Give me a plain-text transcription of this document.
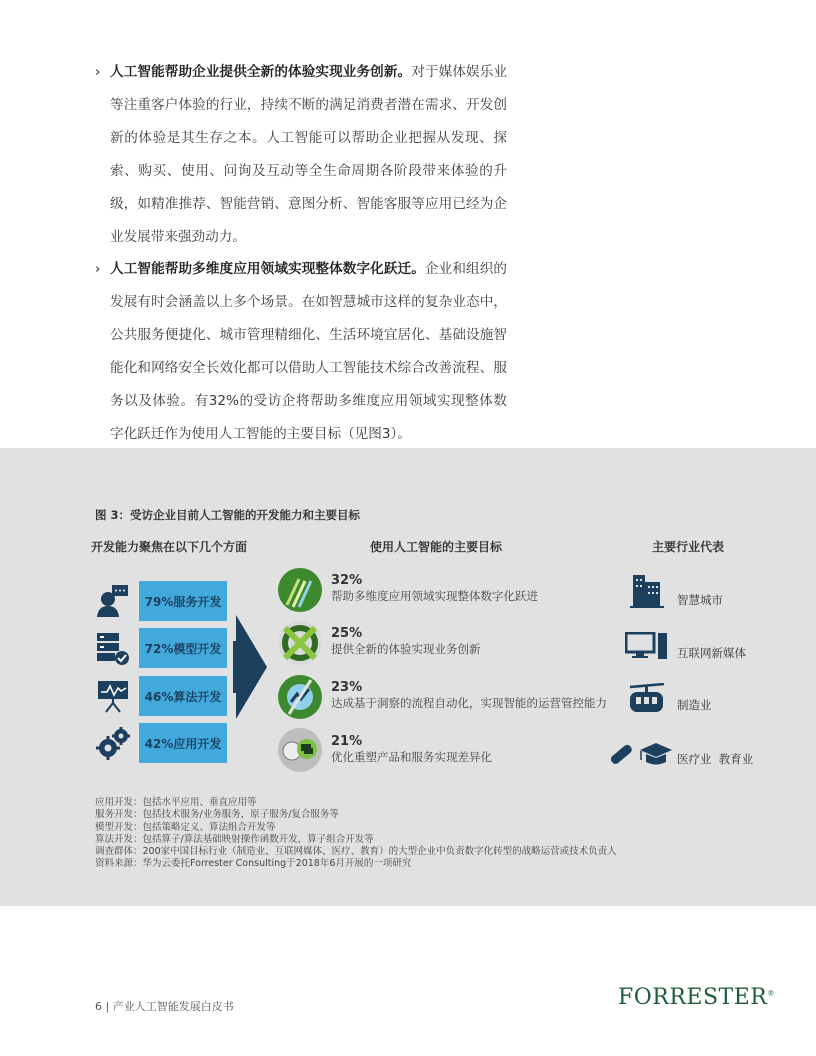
› 人工智能帮助企业提供全新的体验实现业务创新。对于媒体娱乐业等注重客户体验的行业，持续不断的满足消费者潜在需求、开发创新的体验是其生存之本。人工智能可以帮助企业把握从发现、探索、购买、使用、问询及互动等全生命周期各阶段带来体验的升级，如精准推荐、智能营销、意图分析、智能客服等应用已经为企业发展带来强劲动力。
› 人工智能帮助多维度应用领域实现整体数字化跃迁。企业和组织的发展有时会涵盖以上多个场景。在如智慧城市这样的复杂业态中，公共服务便捷化、城市管理精细化、生活环境宜居化、基础设施智能化和网络安全长效化都可以借助人工智能技术综合改善流程、服务以及体验。有32%的受访企将帮助多维度应用领域实现整体数字化跃迁作为使用人工智能的主要目标（见图3）。
图 3：受访企业目前人工智能的开发能力和主要目标
开发能力聚焦在以下几个方面	使用人工智能的主要目标	主要行业代表
79%服务开发
72%模型开发
46%算法开发
42%应用开发
32%
帮助多维度应用领域实现整体数字化跃进
25%
提供全新的体验实现业务创新
23%
达成基于洞察的流程自动化，实现智能的运营管控能力
21%
优化重塑产品和服务实现差异化
智慧城市
互联网新媒体
制造业
医疗业  教育业
应用开发：包括水平应用、垂直应用等
服务开发：包括技术服务/业务服务，原子服务/复合服务等
模型开发：包括策略定义、算法组合开发等
算法开发：包括算子/算法基础映射操作函数开发，算子组合开发等
调查群体：200家中国目标行业（制造业、互联网媒体、医疗、教育）的大型企业中负责数字化转型的战略运营或技术负责人
资料来源：华为云委托Forrester Consulting于2018年6月开展的一项研究
6 | 产业人工智能发展白皮书	FORRESTER®
